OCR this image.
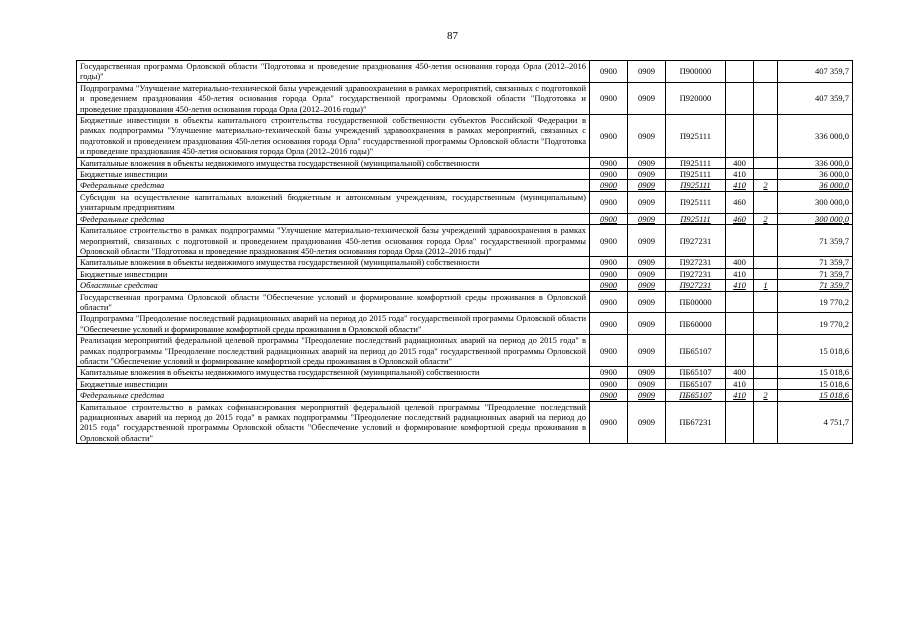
87
Государственная программа Орловской области "Подготовка и проведение празднования 450-летия основания города Орла (2012–2016 годы)"	0900	0909	П900000			407 359,7
Подпрограмма "Улучшение материально-технической базы учреждений здравоохранения в рамках мероприятий, связанных с подготовкой и проведением празднования 450-летия основания города Орла" государственной программы Орловской области "Подготовка и проведение празднования 450-летия основания города Орла (2012–2016 годы)"	0900	0909	П920000			407 359,7
Бюджетные инвестиции в объекты капитального строительства государственной собственности субъектов Российской Федерации в рамках подпрограммы "Улучшение материально-технической базы учреждений здравоохранения в рамках мероприятий, связанных с подготовкой и проведением празднования 450-летия основания города Орла" государственной программы Орловской области "Подготовка и проведение празднования 450-летия основания города Орла (2012–2016 годы)"	0900	0909	П925111			336 000,0
Капитальные вложения в объекты недвижимого имущества государственной (муниципальной) собственности	0900	0909	П925111	400		336 000,0
Бюджетные инвестиции	0900	0909	П925111	410		36 000,0
Федеральные средства	0900	0909	П925111	410	2	36 000,0
Субсидии на осуществление капитальных вложений бюджетным и автономным учреждениям, государственным (муниципальным) унитарным предприятиям	0900	0909	П925111	460		300 000,0
Федеральные средства	0900	0909	П925111	460	2	300 000,0
Капитальное строительство в рамках подпрограммы "Улучшение материально-технической базы учреждений здравоохранения в рамках мероприятий, связанных с подготовкой и проведением празднования 450-летия основания города Орла" государственной программы Орловской области "Подготовка и проведение празднования 450-летия основания города Орла (2012–2016 годы)"	0900	0909	П927231			71 359,7
Капитальные вложения в объекты недвижимого имущества государственной (муниципальной) собственности	0900	0909	П927231	400		71 359,7
Бюджетные инвестиции	0900	0909	П927231	410		71 359,7
Областные средства	0900	0909	П927231	410	1	71 359,7
Государственная программа Орловской области "Обеспечение условий и формирование комфортной среды проживания в Орловской области"	0900	0909	ПБ00000			19 770,2
Подпрограмма "Преодоление последствий радиационных аварий на период до 2015 года" государственной программы Орловской области "Обеспечение условий и формирование комфортной среды проживания в Орловской области"	0900	0909	ПБ60000			19 770,2
Реализация мероприятий федеральной целевой программы "Преодоление последствий радиационных аварий на период до 2015 года" в рамках подпрограммы "Преодоление последствий радиационных аварий на период до 2015 года" государственной программы Орловской области "Обеспечение условий и формирование комфортной среды проживания в Орловской области"	0900	0909	ПБ65107			15 018,6
Капитальные вложения в объекты недвижимого имущества государственной (муниципальной) собственности	0900	0909	ПБ65107	400		15 018,6
Бюджетные инвестиции	0900	0909	ПБ65107	410		15 018,6
Федеральные средства	0900	0909	ПБ65107	410	2	15 018,6
Капитальное строительство в рамках софинансирования мероприятий федеральной целевой программы "Преодоление последствий радиационных аварий на период до 2015 года" в рамках подпрограммы "Преодоление последствий радиационных аварий на период до 2015 года" государственной программы Орловской области "Обеспечение условий и формирование комфортной среды проживания в Орловской области"	0900	0909	ПБ67231			4 751,7
